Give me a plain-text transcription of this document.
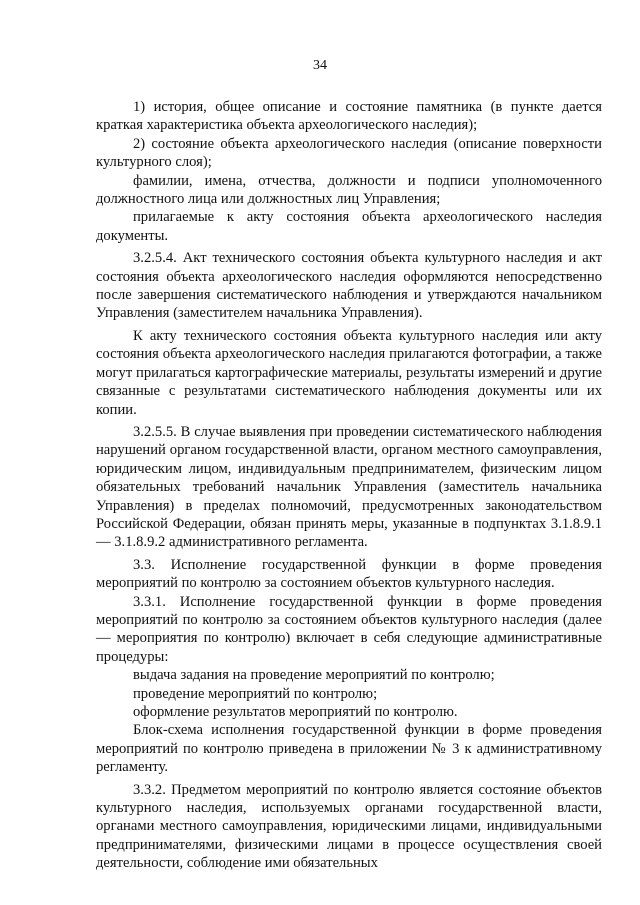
34

1) история, общее описание и состояние памятника (в пункте дается краткая характеристика объекта археологического наследия);

2) состояние объекта археологического наследия (описание поверхности культурного слоя);

фамилии, имена, отчества, должности и подписи уполномоченного должностного лица или должностных лиц Управления;

прилагаемые к акту состояния объекта археологического наследия документы.

3.2.5.4. Акт технического состояния объекта культурного наследия и акт состояния объекта археологического наследия оформляются непосредственно после завершения систематического наблюдения и утверждаются начальником Управления (заместителем начальника Управления).

К акту технического состояния объекта культурного наследия или акту состояния объекта археологического наследия прилагаются фотографии, а также могут прилагаться картографические материалы, результаты измерений и другие связанные с результатами систематического наблюдения документы или их копии.

3.2.5.5. В случае выявления при проведении систематического наблюдения нарушений органом государственной власти, органом местного самоуправления, юридическим лицом, индивидуальным предпринимателем, физическим лицом обязательных требований начальник Управления (заместитель начальника Управления) в пределах полномочий, предусмотренных законодательством Российской Федерации, обязан принять меры, указанные в подпунктах 3.1.8.9.1 — 3.1.8.9.2 административного регламента.

3.3. Исполнение государственной функции в форме проведения мероприятий по контролю за состоянием объектов культурного наследия.

3.3.1. Исполнение государственной функции в форме проведения мероприятий по контролю за состоянием объектов культурного наследия (далее — мероприятия по контролю) включает в себя следующие административные процедуры:

выдача задания на проведение мероприятий по контролю;

проведение мероприятий по контролю;

оформление результатов мероприятий по контролю.

Блок-схема исполнения государственной функции в форме проведения мероприятий по контролю приведена в приложении № 3 к административному регламенту.

3.3.2. Предметом мероприятий по контролю является состояние объектов культурного наследия, используемых органами государственной власти, органами местного самоуправления, юридическими лицами, индивидуальными предпринимателями, физическими лицами в процессе осуществления своей деятельности, соблюдение ими обязательных
